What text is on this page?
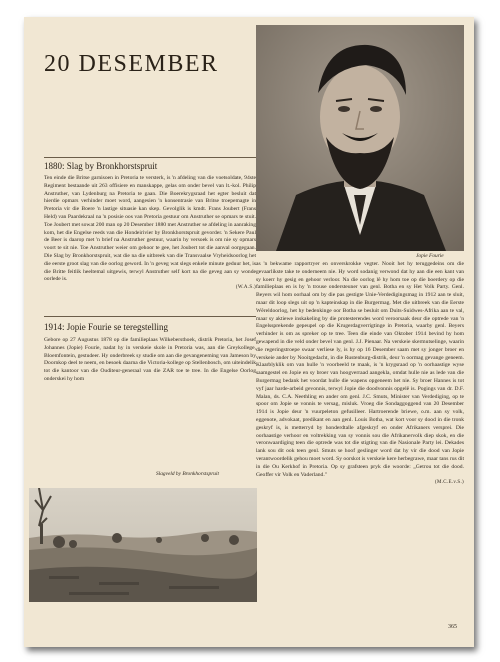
20 DESEMBER
1880: Slag by Bronkhorstspruit

Ten einde die Britse garnisoen in Pretoria te versterk, is 'n afdeling van die voetsoldate, 94ste Regiment bestaande uit 263 offisiere en manskappe, gelas om onder bevel van lt.-kol. Philip Anstruther, van Lydenburg na Pretoria te gaan. Die Boerekrygsraad het egter besluit dat hierdie opmars verhinder moet word, aangesien 'n konsentrasie van Britse troepemagte in Pretoria vir die Boere 'n lastige situasie kan skep. Gevolglik is kmdt. Frans Joubert (Frans Held) van Paardekraal na 'n posisie oos van Pretoria gestuur om Anstruther se opmars te stuit. Toe Joubert met sowat 200 man op 20 Desember 1880 met Anstruther se afdeling in aanraking kom, het die Engelse reeds van die Hondeirivier by Bronkhorstspruit gevorder. 'n Sekere Paul de Beer is daarop met 'n brief na Anstruther gestuur, waarin hy versoek is om nie sy opmars voort te sit nie. Toe Anstruther weier om gehoor te gee, het Joubert tot die aanval oorgegaan. Die Slag by Bronkhorstspruit, wat die na die uitbreek van die Transvaalse Vryheidsoorlog het die eerste groot slag van die oorlog geword. In 'n geveg wat slegs enkele minute geduur het, is die Britte feitlik heeltemal uitgewis, terwyl Anstruther self kort na die geveg aan sy wonde oorlede is.

(W.A.S.)
1914: Jopie Fourie se teregstelling

Gebore op 27 Augustus 1878 op die familieplaas Wilkebersthoek, distrik Pretoria, het Josef Johannes (Jopie) Fourie, nadat hy in verskeie skole in Pretoria was, aan die Greykollege, Bloemfontein, gestudeer. Hy onderbreek sy studie om aan die gevangeneming van Jameson by Doornkop deel te neem, en besoek daarna die Victoria-kollege op Stellenbosch, om uiteindelik tot die kantoor van die Ouditeur-generaal van die ZAR toe te tree. In die Engelse Oorlog onderskei hy hom

Slagveld by Bronkhorstspruit
Jopie Fourie

as 'n bekwame rapportryer en onverskrokke vegter. Nooit het hy teruggedeins om die gevaarlikste take te onderneem nie. Hy word sodanig verwond dat hy aan die een kant van sy koerr hy gesig en gehoor verloor. Na die oorlog lê hy hom toe op die boerdery op die familieplaas en is hy 'n trouse ondersteuner van genl. Botha en sy Het Volk Party. Genl. Beyers wil hom oorhaal om by die pas gestigte Unie-Verdedigingsmag in 1912 aan te sluit, maar dit loop slegs uit op 'n kapteinskap in die Burgermag. Met die uitbreek van die Eerste Wêreldoorlog, het hy bedenkinge oor Botha se besluit om Duits-Suidwes-Afrika aan te val, maar sy aktiewe inskakeling by die protesterendes word veroorsaak deur die optrede van 'n Engelssprekende gepeupel op die Krugerdagverrigtinge in Pretoria, waarby genl. Beyers verhinder is om as spreker op te tree. Teen die einde van Oktober 1914 bevind hy hom gewapend in die veld onder bevel van genl. J.J. Pienaar. Na verskeie skermutselinge, waarin die regeringstroepe swaar verliese ly, is hy op 16 Desember saam met sy jonger broer en verskeie ander by Nooitgedacht, in die Rustenburg-distrik, deur 'n oormag gevange geneem. Klaarblyklik om van hulle 'n voorbeeld te maak, is 'n krygsraad op 'n oorhaastige wyse saamgestel en Jopie en sy broer van hoogverraad aangekla, omdat hulle nie as lede van die Burgermag bedank het voordat hulle die wapens opgeneem het nie. Sy broer Hannes is tot vyf jaar harde-arbeid gevonnis, terwyl Jopie die doodvonnis opgelê is. Pogings van dr. D.F. Malan, ds. C.A. Neethling en ander om genl. J.C. Smuts, Minister van Verdediging, op te spoor om Jopie se vonnis te versag, misluk. Vroeg die Sondaggoggend van 20 Desember 1914 is Jopie deur 'n vuurpeleton gefusilleer. Hartroerende briewe, o.m. aan sy volk, eggenote, advokaat, predikant en aan genl. Louis Botha, wat kort voor sy dood in die tronk geskryf is, is metterryd by honderdtalle afgeskryf en onder Afrikaners versprei. Die oorhaastige verhoor en voltrekking van sy vonnis sou die Afrikanervolk diep skok, en die veronwaardiging teen die optrede was tot die stigting van die Nasionale Party lei. Dekades lank sou dit ook teen genl. Smuts se hoof geslinger word dat hy vir die dood van Jopie verantwoordelik gehou moet word. Sy oorskot is verskeie kere herbegrawe, maar tans rus dit in die Ou Kerkhof in Pretoria. Op sy grafsteen pryk die woorde: „Getrou tot die dood. Geoffer vir Volk en Vaderland."

(M.C.E.v.S.)
365
